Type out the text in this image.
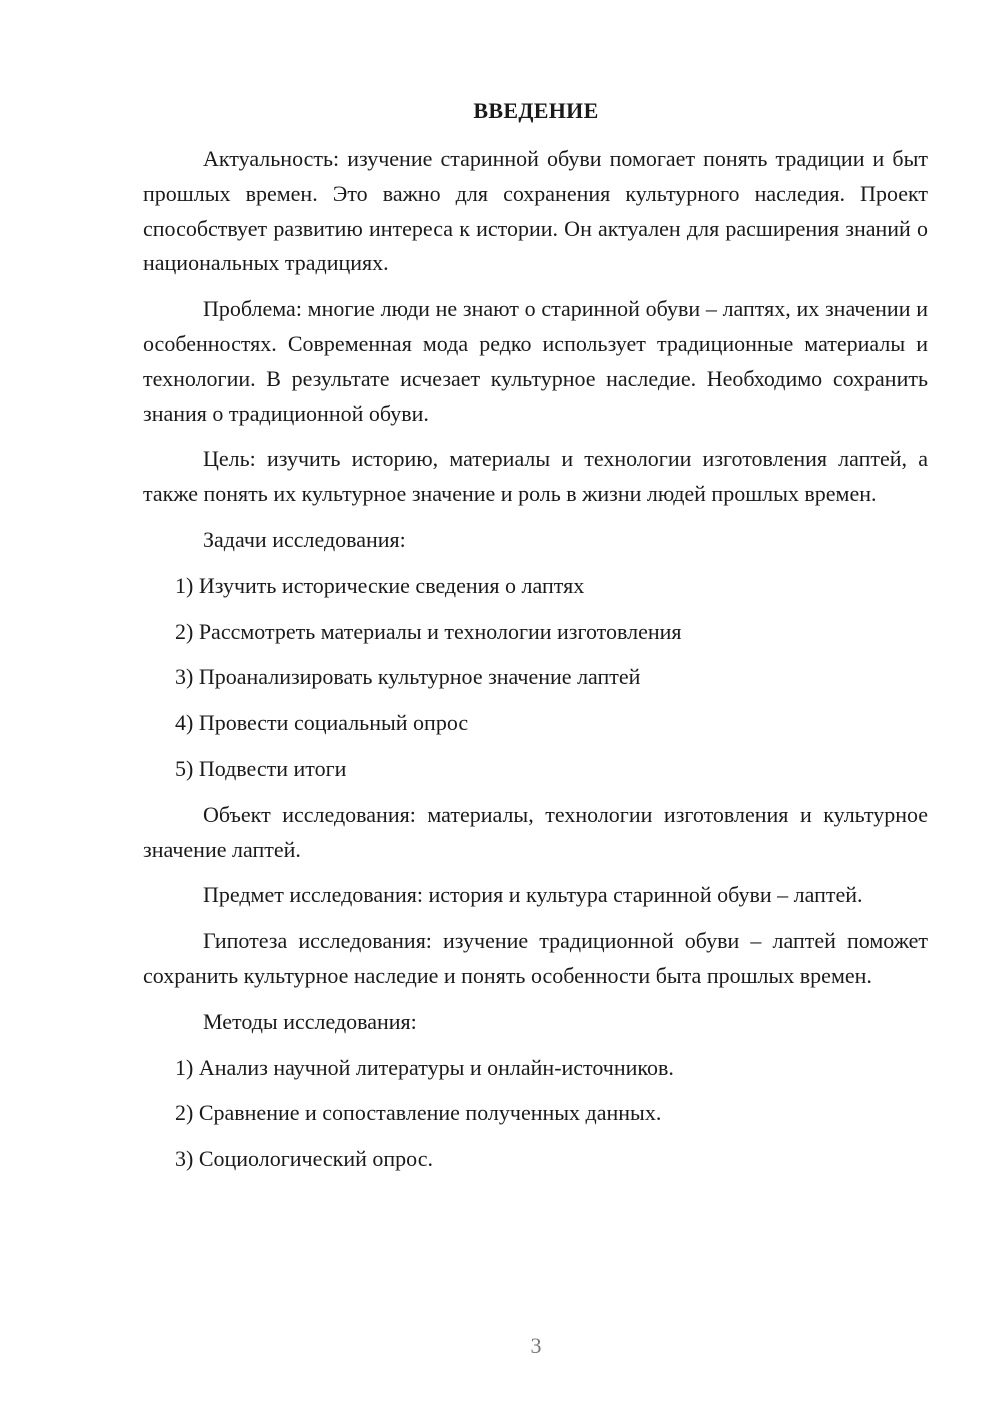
ВВЕДЕНИЕ

Актуальность: изучение старинной обуви помогает понять традиции и быт прошлых времен. Это важно для сохранения культурного наследия. Проект способствует развитию интереса к истории. Он актуален для расширения знаний о национальных традициях.

Проблема: многие люди не знают о старинной обуви – лаптях, их значении и особенностях. Современная мода редко использует традиционные материалы и технологии. В результате исчезает культурное наследие. Необходимо сохранить знания о традиционной обуви.

Цель: изучить историю, материалы и технологии изготовления лаптей, а также понять их культурное значение и роль в жизни людей прошлых времен.

Задачи исследования:

1) Изучить исторические сведения о лаптях

2) Рассмотреть материалы и технологии изготовления

3) Проанализировать культурное значение лаптей

4) Провести социальный опрос

5) Подвести итоги

Объект исследования: материалы, технологии изготовления и культурное значение лаптей.

Предмет исследования: история и культура старинной обуви – лаптей.

Гипотеза исследования: изучение традиционной обуви – лаптей поможет сохранить культурное наследие и понять особенности быта прошлых времен.

Методы исследования:

1) Анализ научной литературы и онлайн-источников.

2) Сравнение и сопоставление полученных данных.

3) Социологический опрос.

3
